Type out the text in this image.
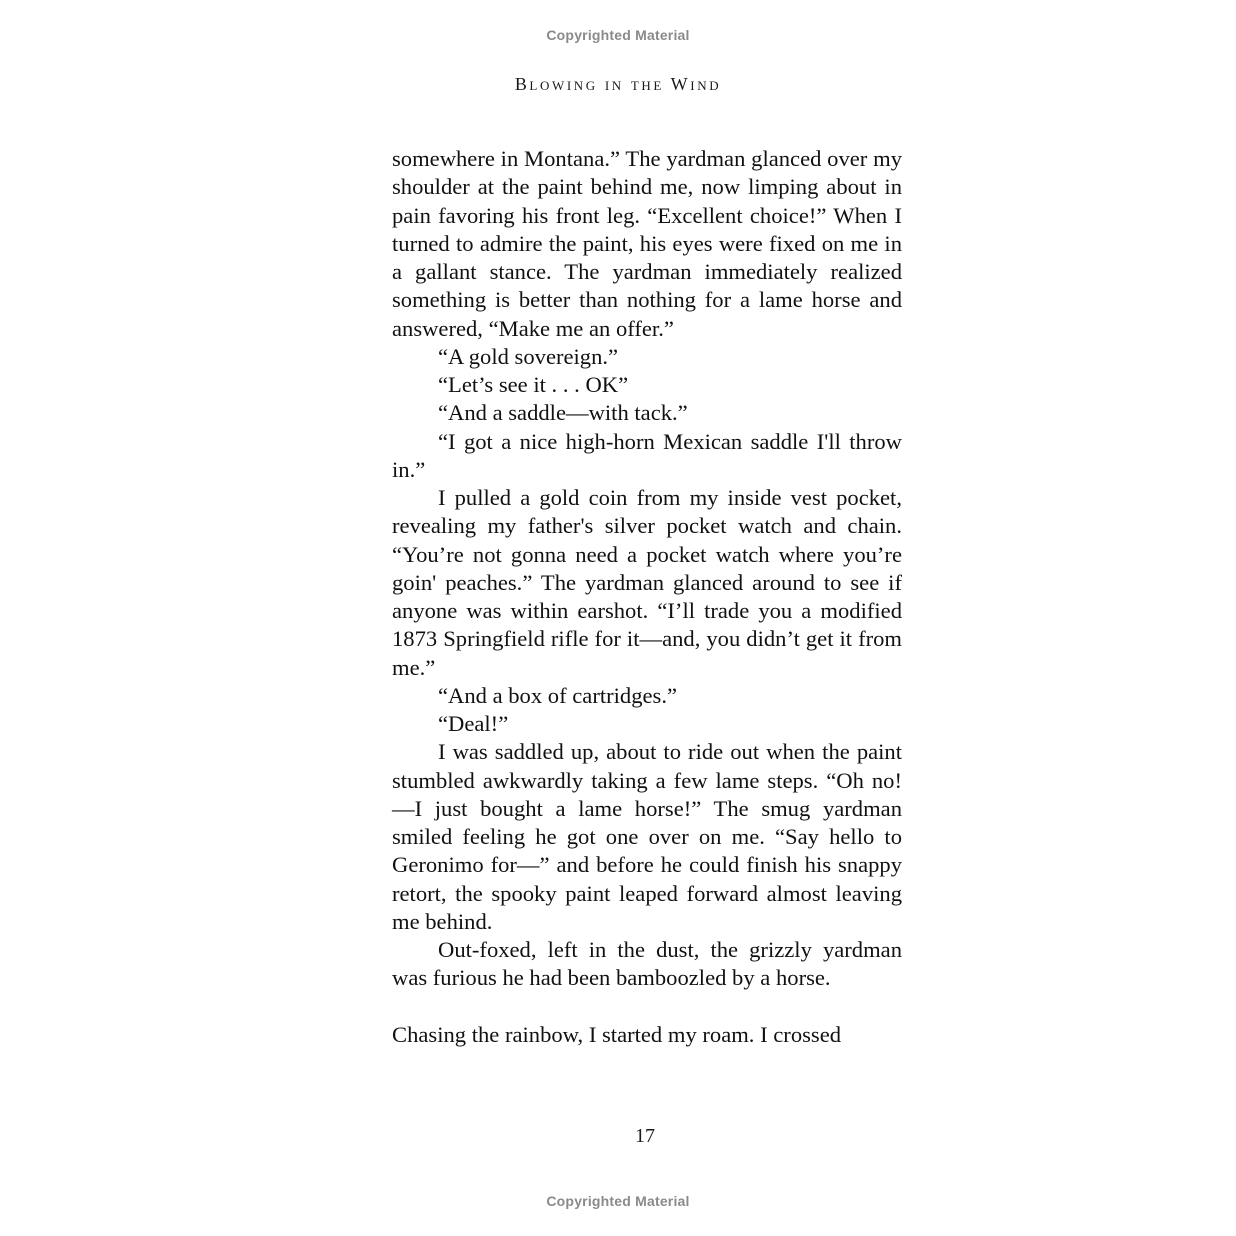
Copyrighted Material
Blowing in the Wind

somewhere in Montana.” The yardman glanced over my shoulder at the paint behind me, now limping about in pain favoring his front leg. “Excellent choice!” When I turned to admire the paint, his eyes were fixed on me in a gallant stance. The yardman immediately realized something is better than nothing for a lame horse and answered, “Make me an offer.”

“A gold sovereign.”

“Let’s see it . . . OK”

“And a saddle—with tack.”

“I got a nice high-horn Mexican saddle I'll throw in.”

I pulled a gold coin from my inside vest pocket, revealing my father's silver pocket watch and chain. “You’re not gonna need a pocket watch where you’re goin' peaches.” The yardman glanced around to see if anyone was within earshot. “I’ll trade you a modified 1873 Springfield rifle for it—and, you didn’t get it from me.”

“And a box of cartridges.”

“Deal!”

I was saddled up, about to ride out when the paint stumbled awkwardly taking a few lame steps. “Oh no! —I just bought a lame horse!” The smug yardman smiled feeling he got one over on me. “Say hello to Geronimo for—” and before he could finish his snappy retort, the spooky paint leaped forward almost leaving me behind.

Out-foxed, left in the dust, the grizzly yardman was furious he had been bamboozled by a horse.

Chasing the rainbow, I started my roam. I crossed

17
Copyrighted Material
